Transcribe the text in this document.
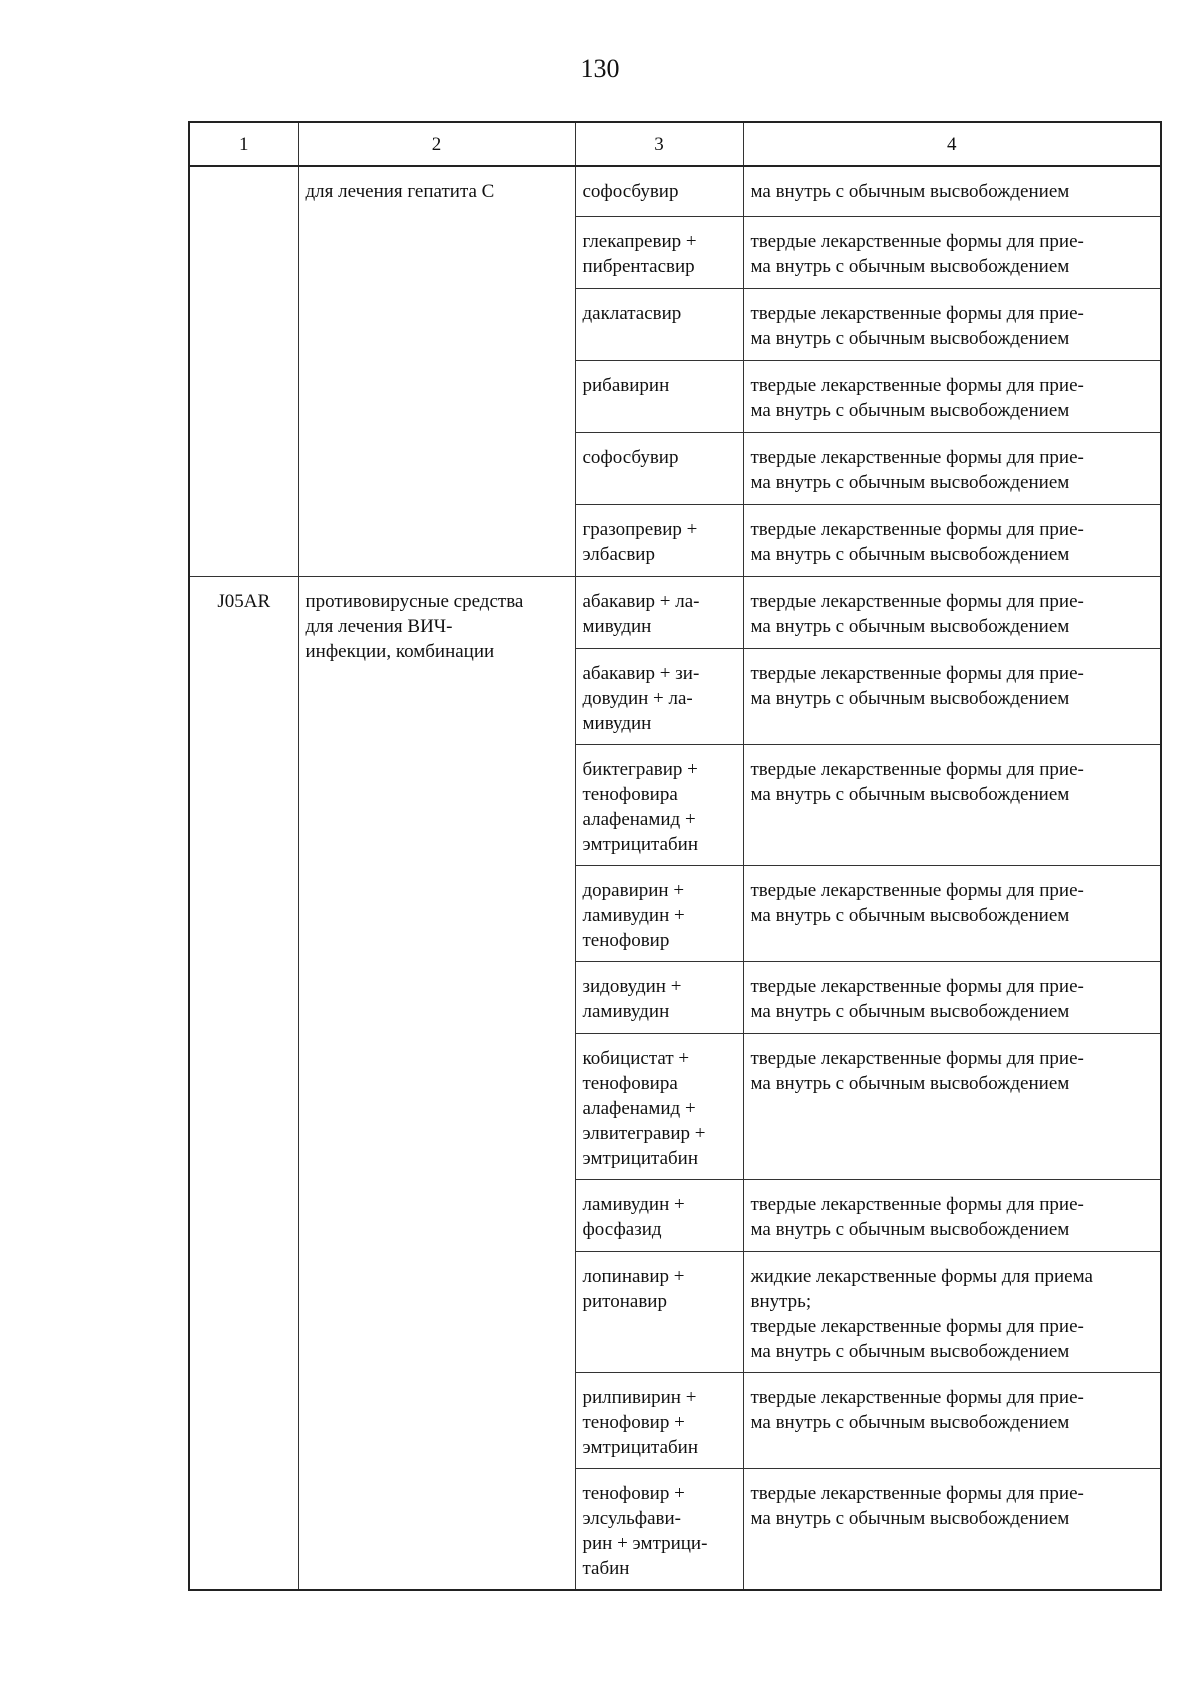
130
1	2	3	4
	для лечения гепатита С	софосбувир	ма внутрь с обычным высвобождением
		глекапревир +
пибрентасвир	твердые лекарственные формы для прие-
ма внутрь с обычным высвобождением
		даклатасвир	твердые лекарственные формы для прие-
ма внутрь с обычным высвобождением
		рибавирин	твердые лекарственные формы для прие-
ма внутрь с обычным высвобождением
		софосбувир	твердые лекарственные формы для прие-
ма внутрь с обычным высвобождением
		гразопревир +
элбасвир	твердые лекарственные формы для прие-
ма внутрь с обычным высвобождением
J05AR	противовирусные средства
для лечения ВИЧ-
инфекции, комбинации	абакавир + ла-
мивудин	твердые лекарственные формы для прие-
ма внутрь с обычным высвобождением
		абакавир + зи-
довудин + ла-
мивудин	твердые лекарственные формы для прие-
ма внутрь с обычным высвобождением
		биктегравир +
тенофовира
алафенамид +
эмтрицитабин	твердые лекарственные формы для прие-
ма внутрь с обычным высвобождением
		доравирин +
ламивудин +
тенофовир	твердые лекарственные формы для прие-
ма внутрь с обычным высвобождением
		зидовудин +
ламивудин	твердые лекарственные формы для прие-
ма внутрь с обычным высвобождением
		кобицистат +
тенофовира
алафенамид +
элвитегравир +
эмтрицитабин	твердые лекарственные формы для прие-
ма внутрь с обычным высвобождением
		ламивудин +
фосфазид	твердые лекарственные формы для прие-
ма внутрь с обычным высвобождением
		лопинавир +
ритонавир	жидкие лекарственные формы для приема
внутрь;
твердые лекарственные формы для прие-
ма внутрь с обычным высвобождением
		рилпивирин +
тенофовир +
эмтрицитабин	твердые лекарственные формы для прие-
ма внутрь с обычным высвобождением
		тенофовир +
элсульфави-
рин + эмтрици-
табин	твердые лекарственные формы для прие-
ма внутрь с обычным высвобождением
